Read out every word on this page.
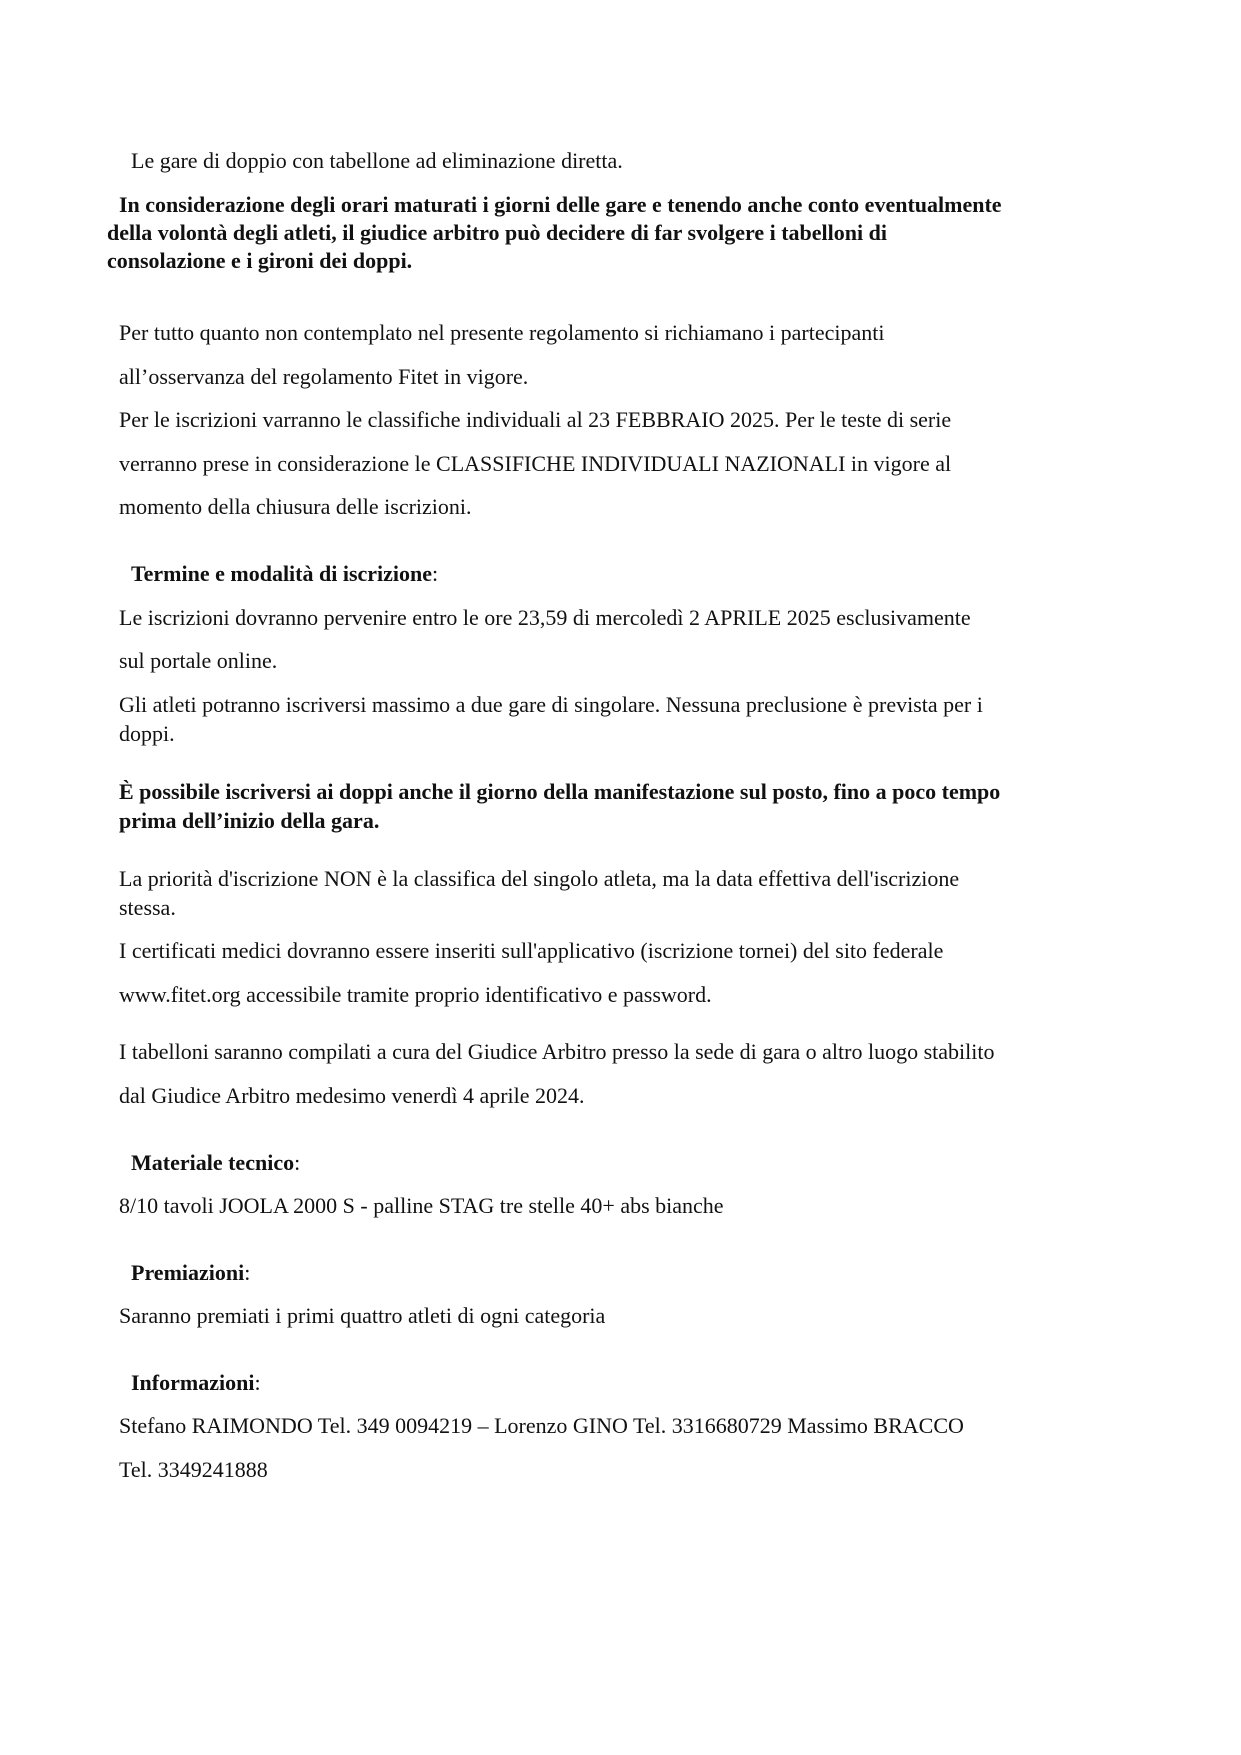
Le gare di doppio con tabellone ad eliminazione diretta.
In considerazione degli orari maturati i giorni delle gare e tenendo anche conto eventualmente
della volontà degli atleti, il giudice arbitro può decidere di far svolgere i tabelloni di
consolazione e i gironi dei doppi.
Per tutto quanto non contemplato nel presente regolamento si richiamano i partecipanti
all’osservanza del regolamento Fitet in vigore.
Per le iscrizioni varranno le classifiche individuali al 23 FEBBRAIO 2025. Per le teste di serie
verranno prese in considerazione le CLASSIFICHE INDIVIDUALI NAZIONALI in vigore al
momento della chiusura delle iscrizioni.
Termine e modalità di iscrizione:
Le iscrizioni dovranno pervenire entro le ore 23,59 di mercoledì 2 APRILE 2025 esclusivamente
sul portale online.
Gli atleti potranno iscriversi massimo a due gare di singolare. Nessuna preclusione è prevista per i
doppi.
È possibile iscriversi ai doppi anche il giorno della manifestazione sul posto, fino a poco tempo
prima dell’inizio della gara.
La priorità d'iscrizione NON è la classifica del singolo atleta, ma la data effettiva dell'iscrizione
stessa.
I certificati medici dovranno essere inseriti sull'applicativo (iscrizione tornei) del sito federale
www.fitet.org accessibile tramite proprio identificativo e password.
I tabelloni saranno compilati a cura del Giudice Arbitro presso la sede di gara o altro luogo stabilito
dal Giudice Arbitro medesimo venerdì 4 aprile 2024.
Materiale tecnico:
8/10 tavoli JOOLA 2000 S - palline STAG tre stelle 40+ abs bianche
Premiazioni:
Saranno premiati i primi quattro atleti di ogni categoria
Informazioni:
Stefano RAIMONDO Tel. 349 0094219 – Lorenzo GINO Tel. 3316680729 Massimo BRACCO
Tel. 3349241888
